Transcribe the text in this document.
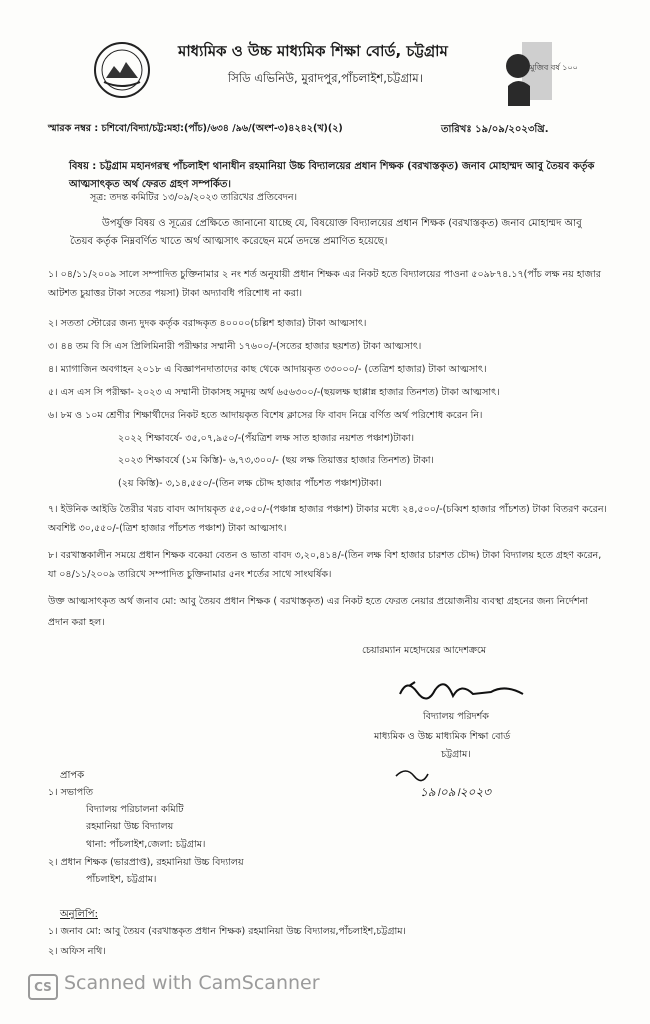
মাধ্যমিক ও উচ্চ মাধ্যমিক শিক্ষা বোর্ড, চট্টগ্রাম
সিডি এভিনিউ, মুরাদপুর,পাঁচলাইশ,চট্টগ্রাম।
মুজিব বর্ষ ১০০
স্মারক নম্বর : চশিবো/বিদ্যা/চট্ট:মহা:(পাঁচ)/৬৩৪ /৯৬/(অংশ-৩)৪২৪২(খ)(২)	তারিখঃ ১৯/০৯/২০২৩খ্রি.
বিষয় : চট্টগ্রাম মহানগরস্থ পাঁচলাইশ থানাধীন রহমানিয়া উচ্চ বিদ্যালয়ের প্রধান শিক্ষক (বরখাস্তকৃত) জনাব মোহাম্মদ আবু তৈয়ব কর্তৃক আত্মসাৎকৃত অর্থ ফেরত গ্রহণ সম্পর্কিত।
সূত্র: তদন্ত কমিটির ১৩/০৯/২০২৩ তারিখের প্রতিবেদন।
উপর্যুক্ত বিষয় ও সূত্রের প্রেক্ষিতে জানানো যাচ্ছে যে, বিষয়োক্ত বিদ্যালয়ের প্রধান শিক্ষক (বরখাস্তকৃত) জনাব মোহাম্মদ আবু তৈয়ব কর্তৃক নিম্নবর্ণিত খাতে অর্থ আত্মসাৎ করেছেন মর্মে তদন্তে প্রমাণিত হয়েছে।
১। ০৪/১১/২০০৯ সালে সম্পাদিত চুক্তিনামার ২ নং শর্ত অনুযায়ী প্রধান শিক্ষক এর নিকট হতে বিদ্যালয়ের পাওনা ৫০৯৮৭৪.১৭(পাঁচ লক্ষ নয় হাজার আটশত চুয়াত্তর টাকা সতের পয়সা) টাকা অদ্যাবধি পরিশোধ না করা।
২। সততা স্টোরের জন্য দুদক কর্তৃক বরাদ্দকৃত ৪০০০০(চল্লিশ হাজার) টাকা আত্মসাৎ।
৩। ৪৪ তম বি সি এস প্রিলিমিনারী পরীক্ষার সম্মানী ১৭৬০০/-(সতের হাজার ছয়শত) টাকা আত্মসাৎ।
৪। ম্যাগাজিন অবগাহন ২০১৮ এ বিজ্ঞাপনদাতাদের কাছ থেকে আদায়কৃত ৩৩০০০/- (তেত্রিশ হাজার) টাকা আত্মসাৎ।
৫। এস এস সি পরীক্ষা- ২০২৩ এ সম্মানী টাকাসহ সমুদয় অর্থ ৬৫৬৩০০/-(ছয়লক্ষ ছাপ্পান্ন হাজার তিনশত) টাকা আত্মসাৎ।
৬। ৮ম ও ১০ম শ্রেণীর শিক্ষার্থীদের নিকট হতে আদায়কৃত বিশেষ ক্লাসের ফি বাবদ নিম্নে বর্ণিত অর্থ পরিশোধ করেন নি।
২০২২ শিক্ষাবর্ষে- ৩৫,০৭,৯৫০/-(পঁয়ত্রিশ লক্ষ সাত হাজার নয়শত পঞ্চাশ)টাকা।
২০২৩ শিক্ষাবর্ষে (১ম কিস্তি)- ৬,৭৩,৩০০/- (ছয় লক্ষ তিয়াত্তর হাজার তিনশত) টাকা।
(২য় কিস্তি)- ৩,১৪,৫৫০/-(তিন লক্ষ চৌদ্দ হাজার পাঁচশত পঞ্চাশ)টাকা।
৭। ইউনিক আইডি তৈরীর খরচ বাবদ আদায়কৃত ৫৫,০৫০/-(পঞ্চান্ন হাজার পঞ্চাশ) টাকার মধ্যে ২৪,৫০০/-(চব্বিশ হাজার পাঁচশত) টাকা বিতরণ করেন। অবশিষ্ট ৩০,৫৫০/-(ত্রিশ হাজার পাঁচশত পঞ্চাশ) টাকা আত্মসাৎ।
৮। বরখাস্তকালীন সময়ে প্রধান শিক্ষক বকেয়া বেতন ও ভাতা বাবদ ৩,২০,৪১৪/-(তিন লক্ষ বিশ হাজার চারশত চৌদ্দ) টাকা বিদ্যালয় হতে গ্রহণ করেন, যা ০৪/১১/২০০৯ তারিখে সম্পাদিত চুক্তিনামার ৫নং শর্তের সাথে সাংঘর্ষিক।
উক্ত আত্মসাৎকৃত অর্থ জনাব মো: আবু তৈয়ব প্রধান শিক্ষক ( বরখাস্তকৃত) এর নিকট হতে ফেরত নেয়ার প্রয়োজনীয় ব্যবস্থা গ্রহনের জন্য নির্দেশনা প্রদান করা হল।
চেয়ারম্যান মহোদয়ের আদেশক্রমে
বিদ্যালয় পরিদর্শক
মাধ্যমিক ও উচ্চ মাধ্যমিক শিক্ষা বোর্ড
চট্টগ্রাম।
১৯।০৯।২০২৩
প্রাপক
১। সভাপতি
বিদ্যালয় পরিচালনা কমিটি
রহমানিয়া উচ্চ বিদ্যালয়
থানা: পাঁচলাইশ,জেলা: চট্টগ্রাম।
২। প্রধান শিক্ষক (ভারপ্রাপ্ত), রহমানিয়া উচ্চ বিদ্যালয়
পাঁচলাইশ, চট্টগ্রাম।
অনুলিপি:
১। জনাব মো: আবু তৈয়ব (বরখাস্তকৃত প্রধান শিক্ষক) রহমানিয়া উচ্চ বিদ্যালয়,পাঁচলাইশ,চট্টগ্রাম।
২। অফিস নথি।
CS Scanned with CamScanner
